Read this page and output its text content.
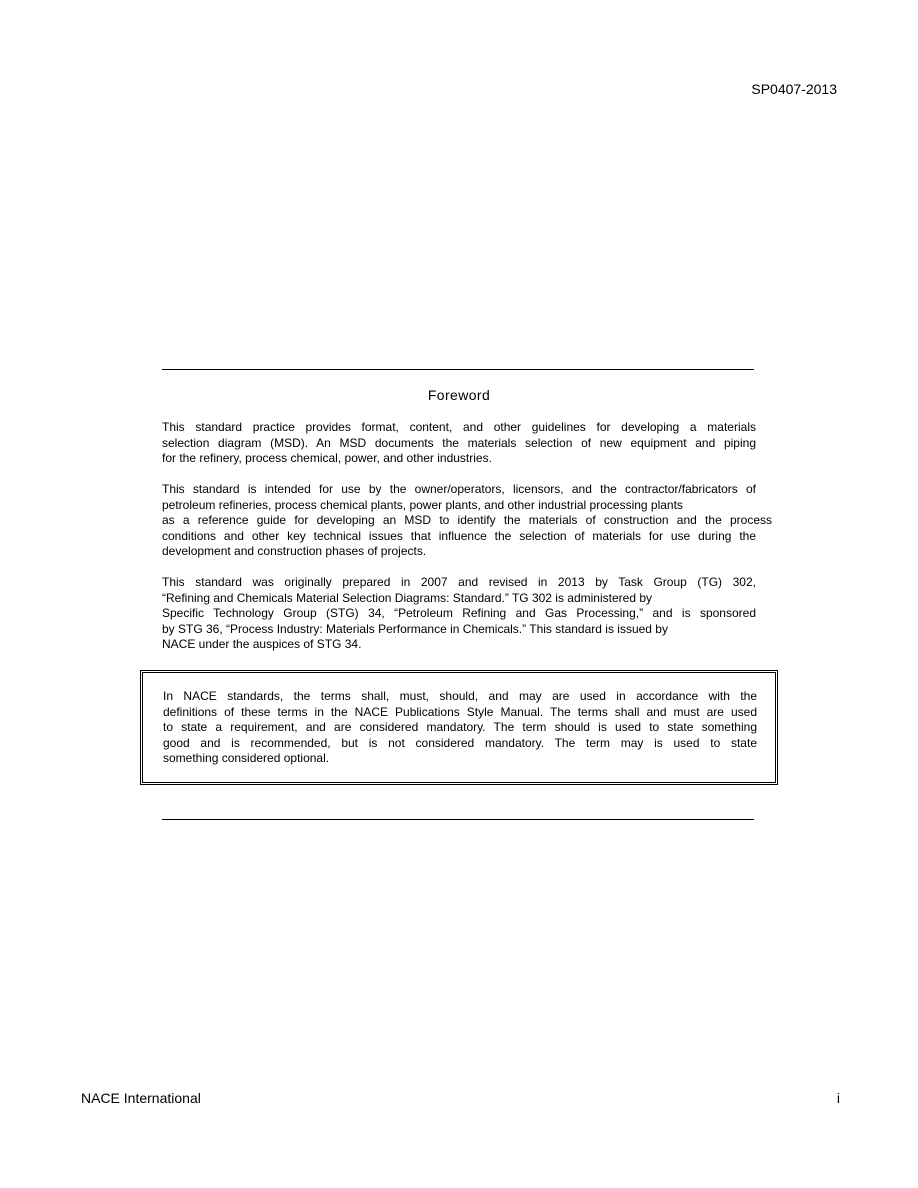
SP0407-2013
Foreword

This standard practice provides format, content, and other guidelines for developing a materials
selection diagram (MSD). An MSD documents the materials selection of new equipment and piping
for the refinery, process chemical, power, and other industries.

This standard is intended for use by the owner/operators, licensors, and the contractor/fabricators of
petroleum refineries, process chemical plants, power plants, and other industrial processing plants
as a reference guide for developing an MSD to identify the materials of construction and the process
conditions and other key technical issues that influence the selection of materials for use during the
development and construction phases of projects.

This standard was originally prepared in 2007 and revised in 2013 by Task Group (TG) 302,
“Refining and Chemicals Material Selection Diagrams: Standard.” TG 302 is administered by
Specific Technology Group (STG) 34, “Petroleum Refining and Gas Processing,” and is sponsored
by STG 36, “Process Industry: Materials Performance in Chemicals.” This standard is issued by
NACE under the auspices of STG 34.

In NACE standards, the terms shall, must, should, and may are used in accordance with the
definitions of these terms in the NACE Publications Style Manual. The terms shall and must are used
to state a requirement, and are considered mandatory. The term should is used to state something
good and is recommended, but is not considered mandatory. The term may is used to state
something considered optional.
NACE International	i
